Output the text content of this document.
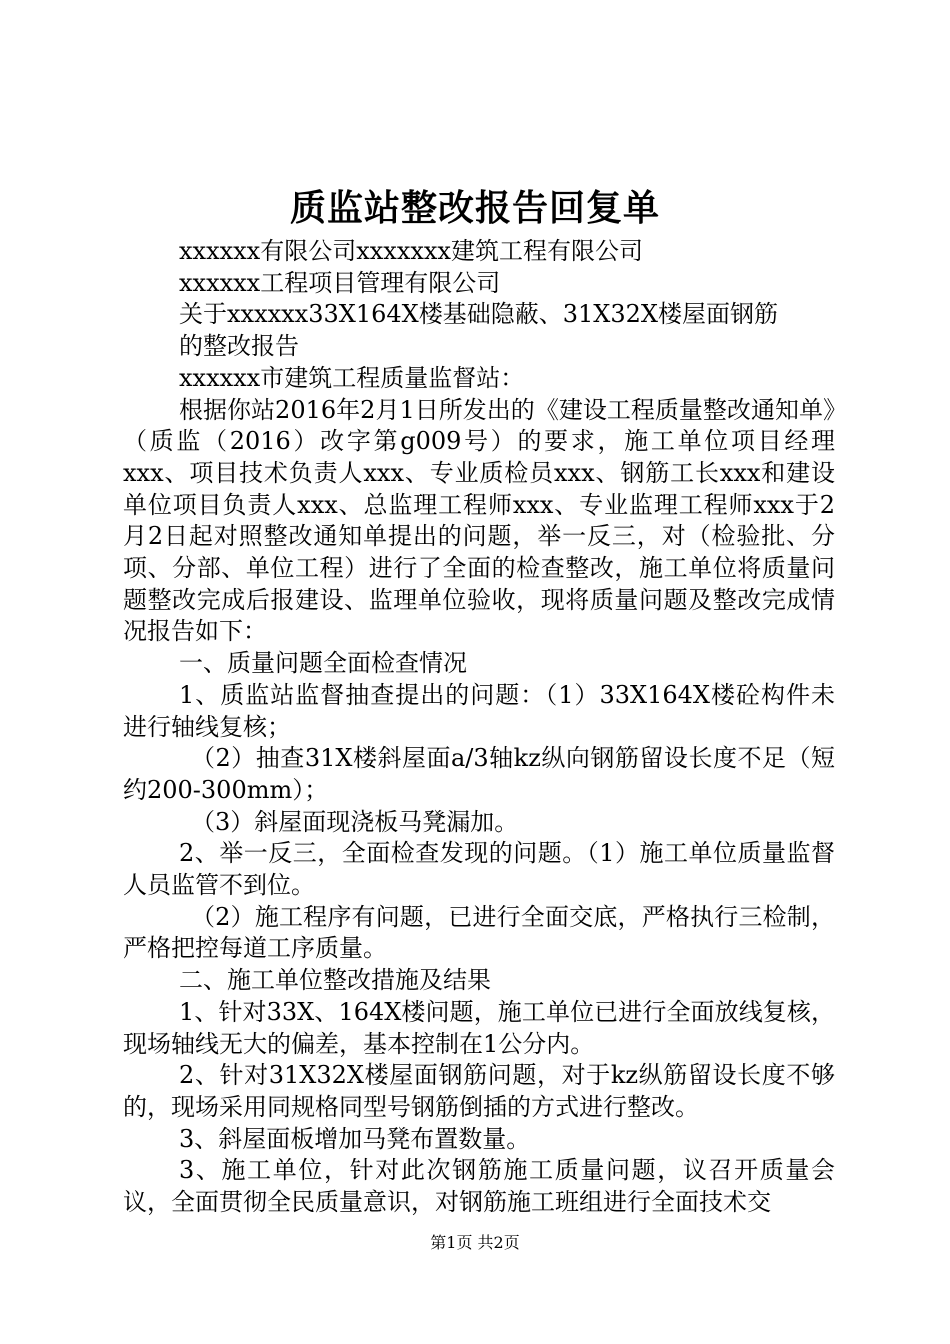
质监站整改报告回复单

xxxxxx有限公司xxxxxxx建筑工程有限公司

xxxxxx工程项目管理有限公司

关于xxxxxx33X164X楼基础隐蔽、31X32X楼屋面钢筋

的整改报告

xxxxxx市建筑工程质量监督站：

根据你站2016年2月1日所发出的《建设工程质量整改通知单》（质监（2016）改字第g009号）的要求，施工单位项目经理xxx、项目技术负责人xxx、专业质检员xxx、钢筋工长xxx和建设单位项目负责人xxx、总监理工程师xxx、专业监理工程师xxx于2月2日起对照整改通知单提出的问题，举一反三，对（检验批、分项、分部、单位工程）进行了全面的检查整改，施工单位将质量问题整改完成后报建设、监理单位验收，现将质量问题及整改完成情况报告如下：

一、质量问题全面检查情况

1、质监站监督抽查提出的问题：（1）33X164X楼砼构件未进行轴线复核；

（2）抽查31X楼斜屋面a/3轴kz纵向钢筋留设长度不足（短约200-300mm）；

（3）斜屋面现浇板马凳漏加。

2、举一反三，全面检查发现的问题。（1）施工单位质量监督人员监管不到位。

（2）施工程序有问题，已进行全面交底，严格执行三检制，严格把控每道工序质量。

二、施工单位整改措施及结果

1、针对33X、164X楼问题，施工单位已进行全面放线复核，现场轴线无大的偏差，基本控制在1公分内。

2、针对31X32X楼屋面钢筋问题，对于kz纵筋留设长度不够的，现场采用同规格同型号钢筋倒插的方式进行整改。

3、斜屋面板增加马凳布置数量。

3、施工单位，针对此次钢筋施工质量问题，议召开质量会议，全面贯彻全民质量意识，对钢筋施工班组进行全面技术交

第1页 共2页
